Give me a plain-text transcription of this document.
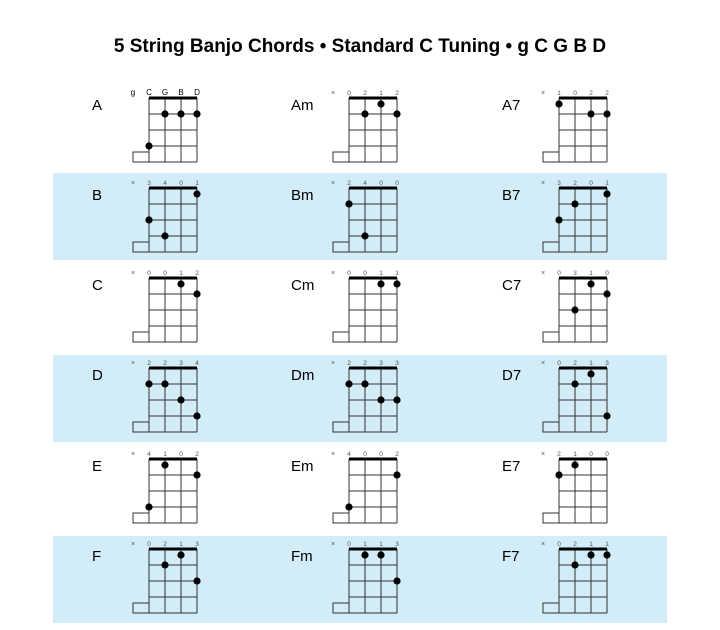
5 String Banjo Chords • Standard C Tuning • g C G B D
A
g C G B D
Am
× 0 2 1 2
A7
× 1 0 2 2
B
× 3 4 0 1
Bm
× 2 4 0 0
B7
× 3 2 0 1
C
× 0 0 1 2
Cm
× 0 0 1 1
C7
× 0 3 1 0
D
× 2 2 3 4
Dm
× 2 2 3 3
D7
× 0 2 1 3
E
× 4 1 0 2
Em
× 4 0 0 2
E7
× 2 1 0 0
F
× 0 2 1 3
Fm
× 0 1 1 3
F7
× 0 2 1 1
